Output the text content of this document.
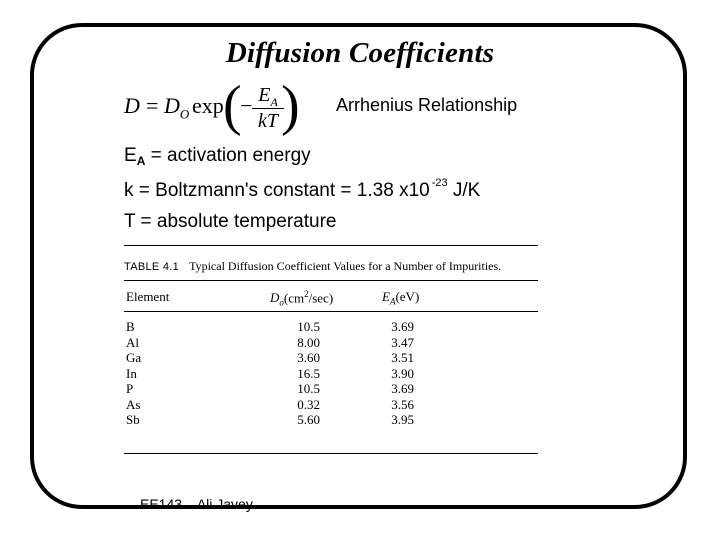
Diffusion Coefficients
$D = D_O$ exp (
− )
$E_A$
kT
Arrhenius Relationship
$E_A$ = activation energy
k = Boltzmann's constant = 1.38 x10 $^{-23}$ J/K
T = absolute temperature
TABLE 4.1 Typical Diffusion Coefficient Values for a Number of Impurities.
Element	$D_o(cm^2/\sec)$	$E_A(eV)$
B	10.5	3.69
Al	8.00	3.47
Ga	3.60	3.51
In	16.5	3.90
P	10.5	3.69
As	0.32	3.56
Sb	5.60	3.95
EE143 – Ali Javey
